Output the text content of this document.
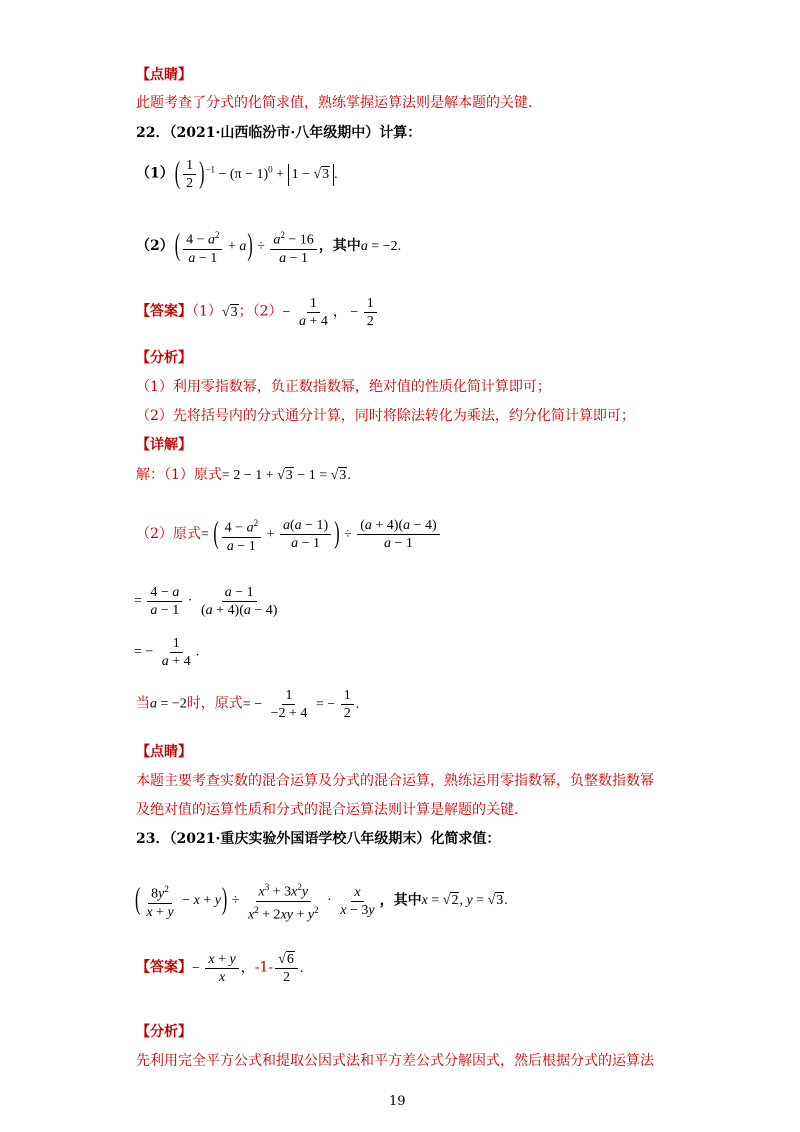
【点睛】
此题考查了分式的化简求值，熟练掌握运算法则是解本题的关键.
22．（2021·山西临汾市·八年级期中）计算：
$(1)( \frac{1}{2} )^{-1} - (\pi - 1)^0 + 1 - √3$ .
$(2)( \frac{4 - a^2}{a - 1} + a) \div \frac{a^2 - 16}{a - 1}$ ，其中a = −2.
【答案】（1）√3；$(2)- \frac{1}{a + 4}$ ， − $\frac{1}{2}$
【分析】
（1）利用零指数幂，负正数指数幂，绝对值的性质化简计算即可；
（2）先将括号内的分式通分计算，同时将除法转化为乘法，约分化简计算即可；
【详解】
解：（1）原式= 2 − 1 + √3 − 1 = √3.
（2）原式= ( $\frac{4 - a^2}{a - 1} + \frac{a(a - 1)}{a - 1}$ ) ÷ $\frac{(a + 4)(a - 4)}{a - 1}$
= $\frac{4 - a}{a - 1} \cdot \frac{a - 1}{(a + 4)(a - 4)}$
= − $\frac{1}{a + 4}$ .
当a = −2时，原式= − $\frac{1}{-2 + 4}$ = − $\frac{1}{2}$ .
【点睛】
本题主要考查实数的混合运算及分式的混合运算，熟练运用零指数幂，负整数指数幂
及绝对值的运算性质和分式的混合运算法则计算是解题的关键.
23．（2021·重庆实验外国语学校八年级期末）化简求值：
( $\frac{8y^2}{x + y} - x + y) \div \frac{x^3 + 3x^2y}{x^2 + 2xy + y^2} \cdot \frac{x}{x - 3y}$ ，其中x = √2, y = √3.
【答案】− $\frac{x + y}{x}$ ，$-1- \frac{√6}{2}$ .
【分析】
先利用完全平方公式和提取公因式法和平方差公式分解因式，然后根据分式的运算法
19
